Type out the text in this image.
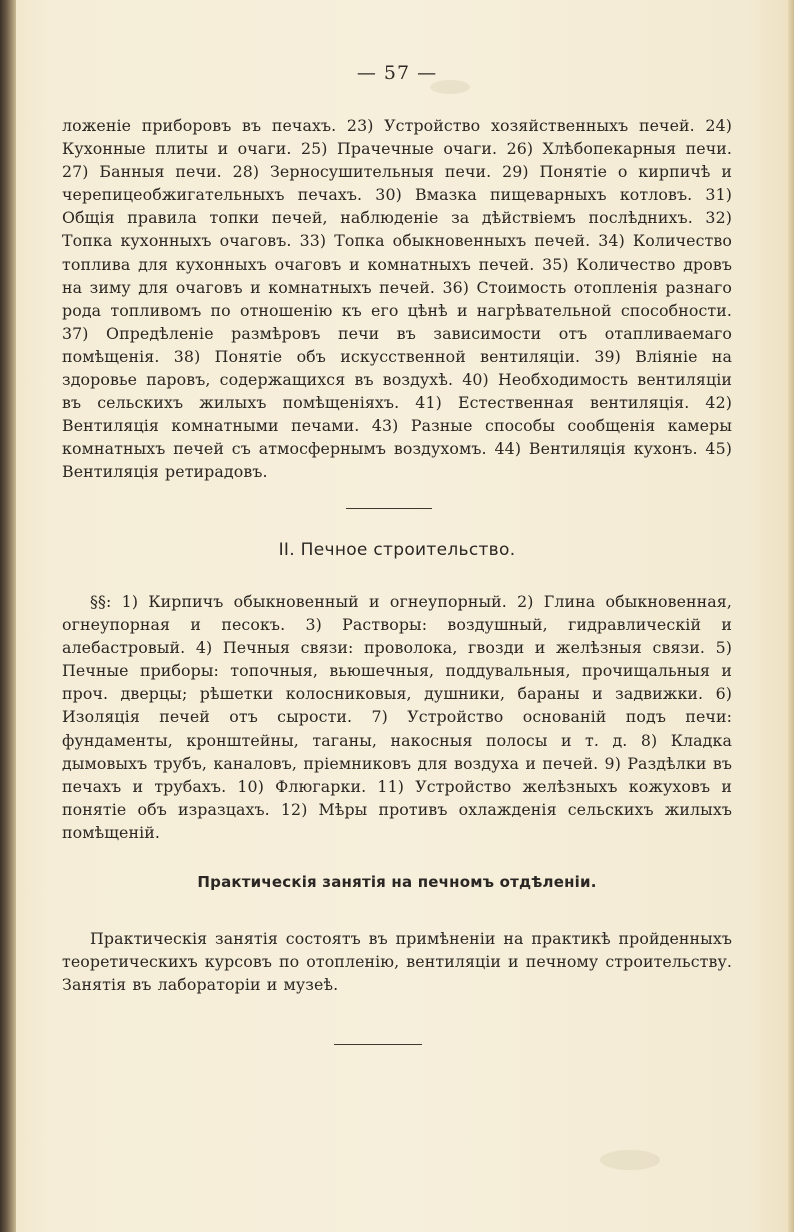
— 57 —

ложеніе приборовъ въ печахъ. 23) Устройство хозяйственныхъ печей. 24) Кухонные плиты и очаги. 25) Прачечные очаги. 26) Хлѣбопекарныя печи. 27) Банныя печи. 28) Зерносушительныя печи. 29) Понятіе о кирпичѣ и черепицеобжигательныхъ печахъ. 30) Вмазка пищеварныхъ котловъ. 31) Общія правила топки печей, наблюденіе за дѣйствіемъ послѣднихъ. 32) Топка кухонныхъ очаговъ. 33) Топка обыкновенныхъ печей. 34) Количество топлива для кухонныхъ очаговъ и комнатныхъ печей. 35) Количество дровъ на зиму для очаговъ и комнатныхъ печей. 36) Стоимость отопленія разнаго рода топливомъ по отношенію къ его цѣнѣ и нагрѣвательной способности. 37) Опредѣленіе размѣровъ печи въ зависимости отъ отапливаемаго помѣщенія. 38) Понятіе объ искусственной вентиляціи. 39) Вліяніе на здоровье паровъ, содержащихся въ воздухѣ. 40) Необходимость вентиляціи въ сельскихъ жилыхъ помѣщеніяхъ. 41) Естественная вентиляція. 42) Вентиляція комнатными печами. 43) Разные способы сообщенія камеры комнатныхъ печей съ атмосфернымъ воздухомъ. 44) Вентиляція кухонъ. 45) Вентиляція ретирадовъ.

II. Печное строительство.

§§: 1) Кирпичъ обыкновенный и огнеупорный. 2) Глина обыкновенная, огнеупорная и песокъ. 3) Растворы: воздушный, гидравлическій и алебастровый. 4) Печныя связи: проволока, гвозди и желѣзныя связи. 5) Печные приборы: топочныя, вьюшечныя, поддувальныя, прочищальныя и проч. дверцы; рѣшетки колосниковыя, душники, бараны и задвижки. 6) Изоляція печей отъ сырости. 7) Устройство основаній подъ печи: фундаменты, кронштейны, таганы, накосныя полосы и т. д. 8) Кладка дымовыхъ трубъ, каналовъ, пріемниковъ для воздуха и печей. 9) Раздѣлки въ печахъ и трубахъ. 10) Флюгарки. 11) Устройство желѣзныхъ кожуховъ и понятіе объ изразцахъ. 12) Мѣры противъ охлажденія сельскихъ жилыхъ помѣщеній.

Практическія занятія на печномъ отдѣленіи.

Практическія занятія состоятъ въ примѣненіи на практикѣ пройденныхъ теоретическихъ курсовъ по отопленію, вентиляціи и печному строительству. Занятія въ лабораторіи и музеѣ.
